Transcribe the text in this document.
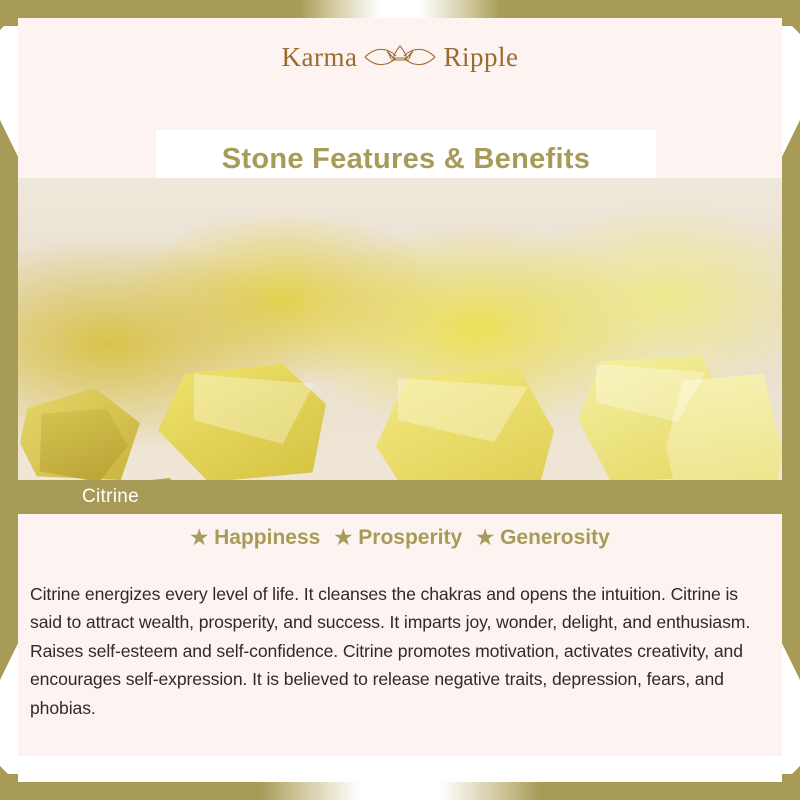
Karma	Ripple
Stone Features & Benefits
Citrine
★ Happiness ★ Prosperity ★ Generosity

Citrine energizes every level of life. It cleanses the chakras and opens the intuition. Citrine is said to attract wealth, prosperity, and success. It imparts joy, wonder, delight, and enthusiasm. Raises self-esteem and self-confidence. Citrine promotes motivation, activates creativity, and encourages self-expression. It is believed to release negative traits, depression, fears, and phobias.
